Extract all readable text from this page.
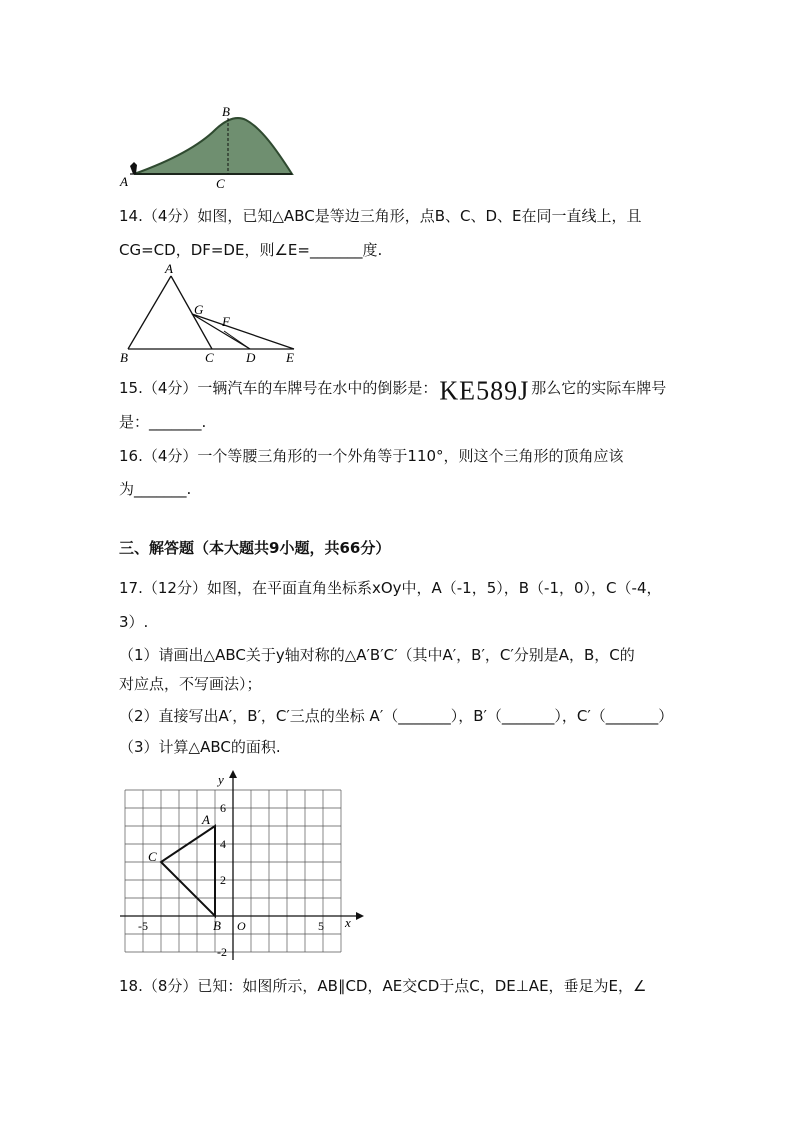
A
B
C
14.（4分）如图，已知△ABC是等边三角形，点B、C、D、E在同一直线上，且
CG=CD，DF=DE，则∠E=_______度.
A
B	C D E
F
G
15.（4分）一辆汽车的车牌号在水中的倒影是：KE589J 那么它的实际车牌号
是：_______.
16.（4分）一个等腰三角形的一个外角等于110°，则这个三角形的顶角应该
为_______.
三、解答题（本大题共9小题，共66分）
17.（12分）如图，在平面直角坐标系xOy中，A（-1，5），B（-1，0），C（-4，
3）.
（1）请画出△ABC关于y轴对称的△A′B′C′（其中A′，B′，C′分别是A，B，C的
对应点，不写画法）；
（2）直接写出A′，B′，C′三点的坐标 A′（_______），B′（_______），C′（_______）
（3）计算△ABC的面积.
x
y
O
-5	5
6
4
2
-2
A
B
C
18.（8分）已知：如图所示，AB∥CD，AE交CD于点C，DE⊥AE，垂足为E，∠
